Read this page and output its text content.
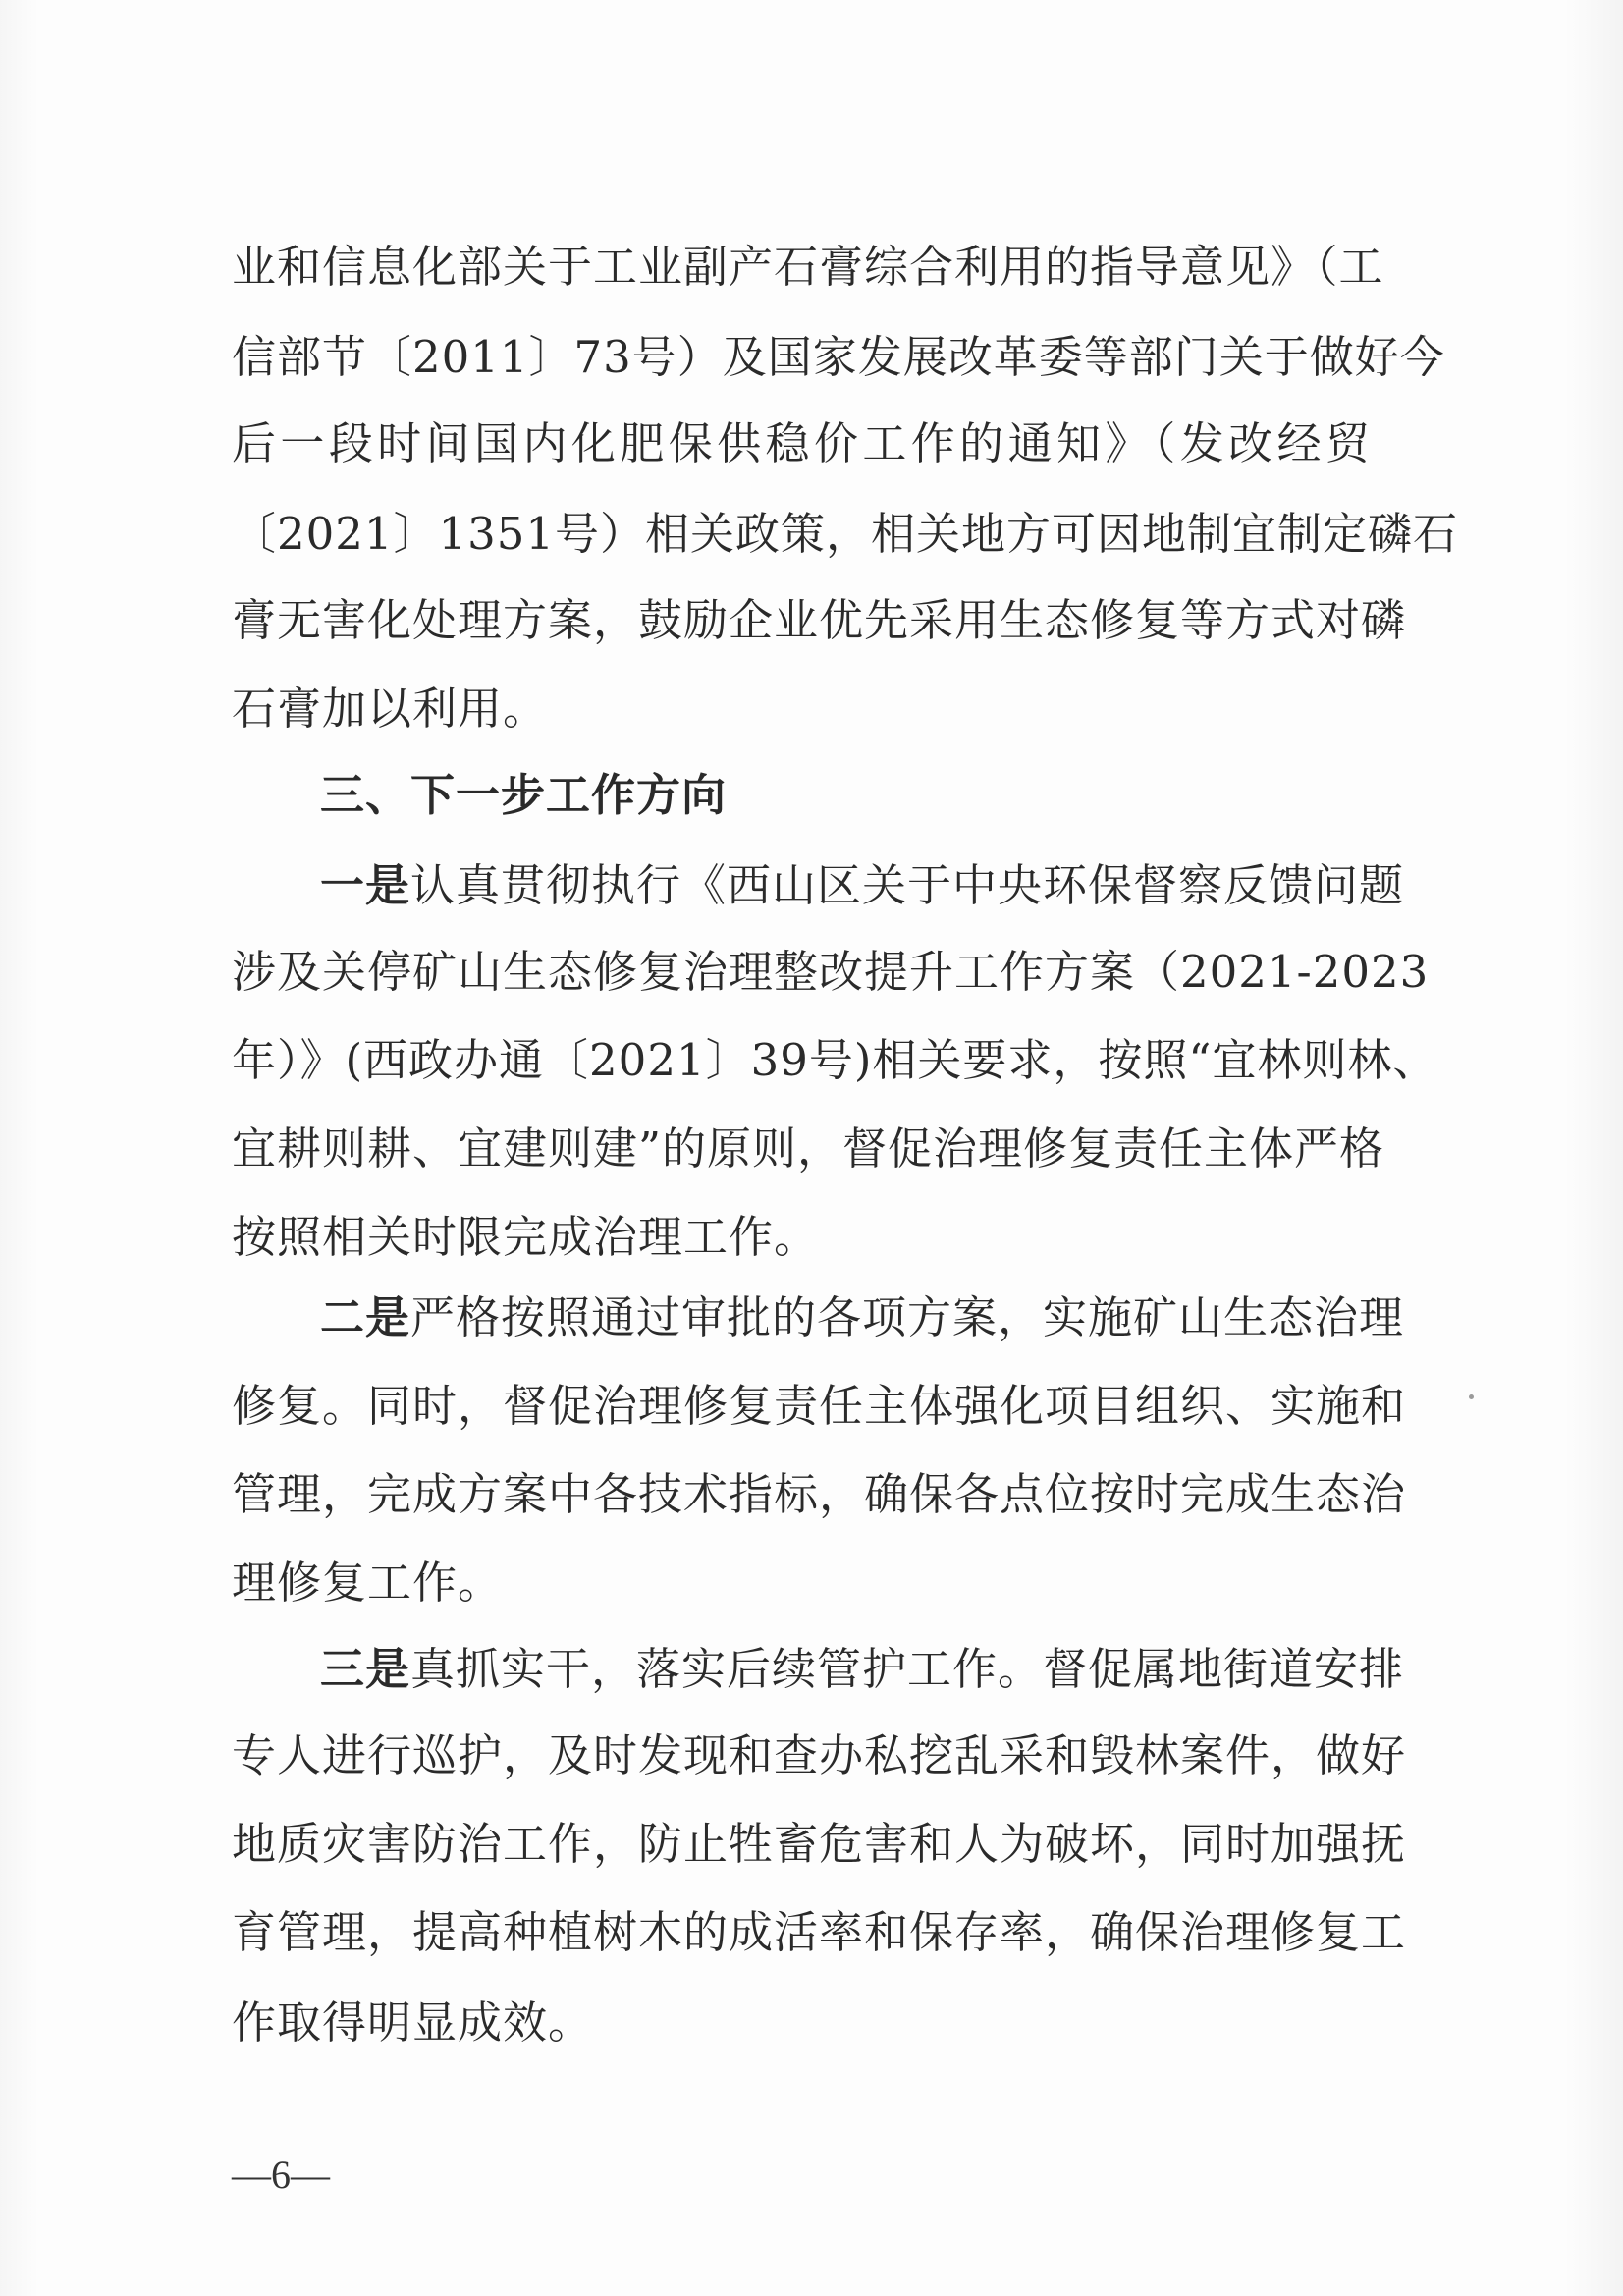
业和信息化部关于工业副产石膏综合利用的指导意见》（工
信部节〔2011〕73号）及国家发展改革委等部门关于做好今
后一段时间国内化肥保供稳价工作的通知》（发改经贸
〔2021〕1351号）相关政策，相关地方可因地制宜制定磷石
膏无害化处理方案，鼓励企业优先采用生态修复等方式对磷
石膏加以利用。
三、下一步工作方向
一是认真贯彻执行《西山区关于中央环保督察反馈问题
涉及关停矿山生态修复治理整改提升工作方案（2021-2023
年）》(西政办通〔2021〕39号)相关要求，按照“宜林则林、
宜耕则耕、宜建则建”的原则，督促治理修复责任主体严格
按照相关时限完成治理工作。
二是严格按照通过审批的各项方案，实施矿山生态治理
修复。同时，督促治理修复责任主体强化项目组织、实施和
管理，完成方案中各技术指标，确保各点位按时完成生态治
理修复工作。
三是真抓实干，落实后续管护工作。督促属地街道安排
专人进行巡护，及时发现和查办私挖乱采和毁林案件，做好
地质灾害防治工作，防止牲畜危害和人为破坏，同时加强抚
育管理，提高种植树木的成活率和保存率，确保治理修复工
作取得明显成效。
—6—
